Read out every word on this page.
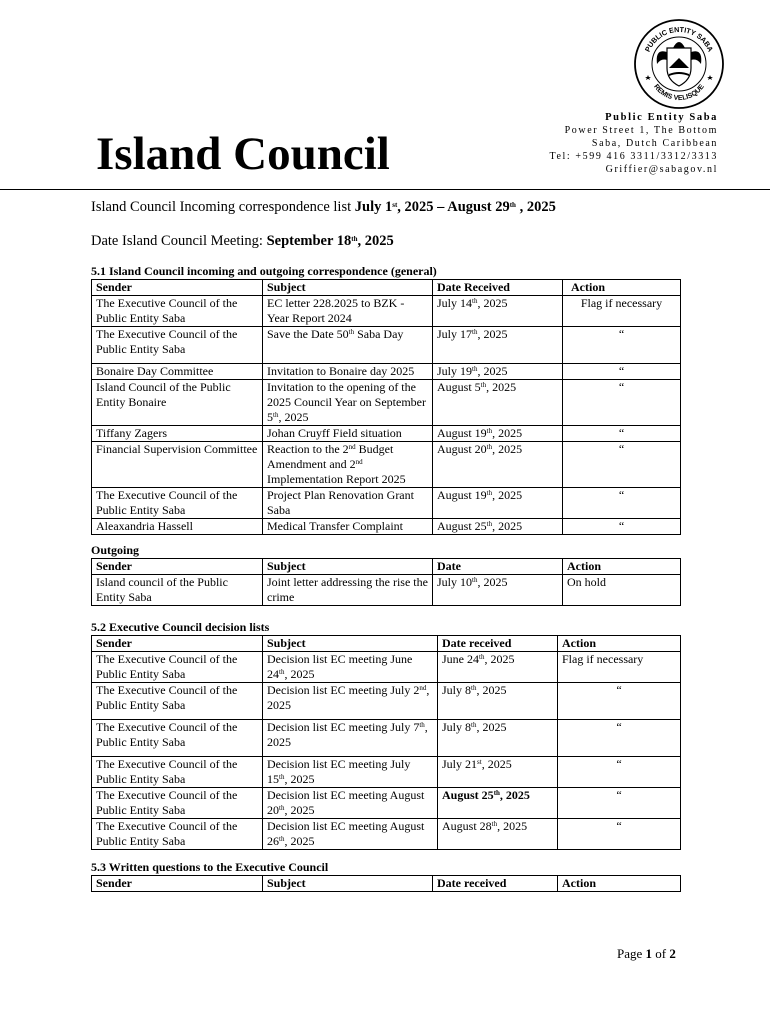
PUBLIC ENTITY SABA
REMIS VELISQUE
Island Council
Public Entity Saba
Power Street 1, The Bottom
Saba, Dutch Caribbean
Tel: +599 416 3311/3312/3313
Griffier@sabagov.nl
Island Council Incoming correspondence list July 1st, 2025 – August 29th , 2025
Date Island Council Meeting: September 18th, 2025
5.1 Island Council incoming and outgoing correspondence (general)
Sender	Subject	Date Received	Action
The Executive Council of the Public Entity Saba	EC letter 228.2025 to BZK - Year Report 2024	July 14th, 2025	Flag if necessary
The Executive Council of the Public Entity Saba	Save the Date 50th Saba Day	July 17th, 2025	“
Bonaire Day Committee	Invitation to Bonaire day 2025	July 19th, 2025	“
Island Council of the Public Entity Bonaire	Invitation to the opening of the 2025 Council Year on September 5th, 2025	August 5th, 2025	“
Tiffany Zagers	Johan Cruyff Field situation	August 19th, 2025	“
Financial Supervision Committee	Reaction to the 2nd Budget Amendment and 2nd Implementation Report 2025	August 20th, 2025	“
The Executive Council of the Public Entity Saba	Project Plan Renovation Grant Saba	August 19th, 2025	“
Aleaxandria Hassell	Medical Transfer Complaint	August 25th, 2025	“
Outgoing
Sender	Subject	Date	Action
Island council of the Public Entity Saba	Joint letter addressing the rise the crime	July 10th, 2025	On hold
5.2 Executive Council decision lists
Sender	Subject	Date received	Action
The Executive Council of the Public Entity Saba	Decision list EC meeting June 24th, 2025	June 24th, 2025	Flag if necessary
The Executive Council of the Public Entity Saba	Decision list EC meeting July 2nd, 2025	July 8th, 2025	“
The Executive Council of the Public Entity Saba	Decision list EC meeting July 7th, 2025	July 8th, 2025	“
The Executive Council of the Public Entity Saba	Decision list EC meeting July 15th, 2025	July 21st, 2025	“
The Executive Council of the Public Entity Saba	Decision list EC meeting August 20th, 2025	August 25th, 2025	“
The Executive Council of the Public Entity Saba	Decision list EC meeting August 26th, 2025	August 28th, 2025	“
5.3 Written questions to the Executive Council
Sender	Subject	Date received	Action
Page 1 of 2
